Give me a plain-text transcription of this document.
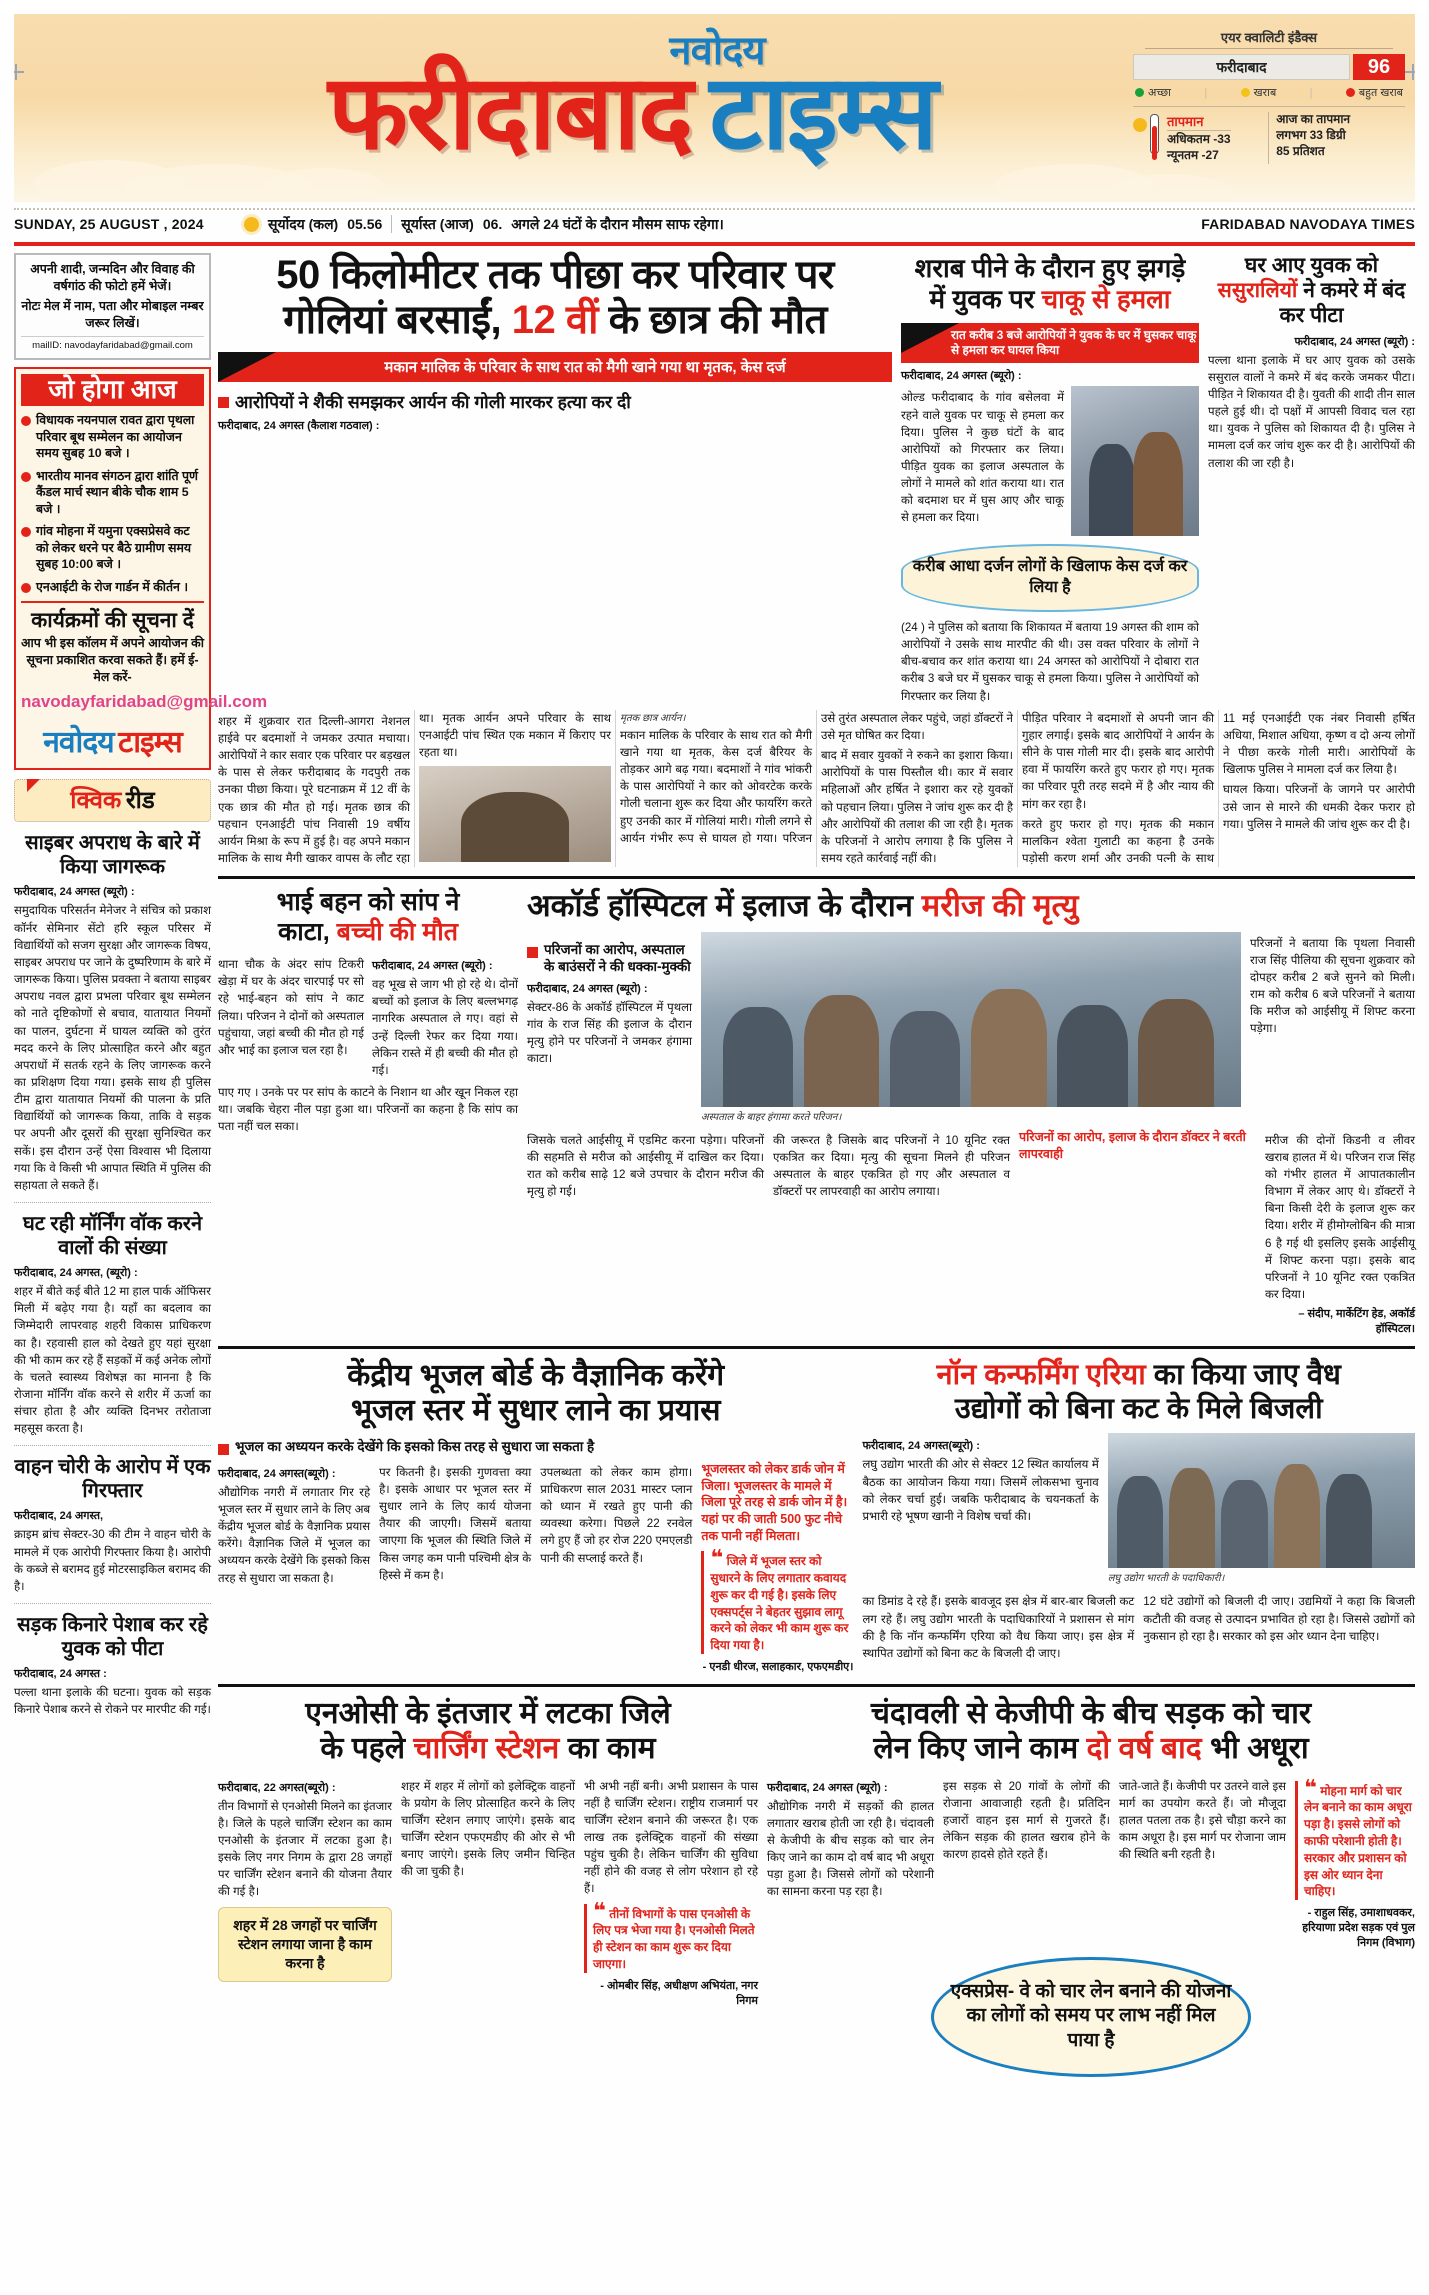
नवोदय
फरीदाबाद टाइम्स
एयर क्वालिटी इंडैक्स
फरीदाबाद	96
अच्छा	|	खराब	|	बहुत खराब
तापमान
अधिकतम -33
न्यूनतम -27
आज का तापमान
लगभग 33 डिग्री
85 प्रतिशत
SUNDAY, 25 AUGUST , 2024	सूर्योदय (कल) 05.56 सूर्यास्त (आज) 06. अगले 24 घंटों के दौरान मौसम साफ रहेगा।	FARIDABAD NAVODAYA TIMES
अपनी शादी, जन्मदिन और विवाह की वर्षगांठ की फोटो हमें भेजें।
नोटः मेल में नाम, पता और मोबाइल नम्बर जरूर लिखें।
mailID: navodayfaridabad@gmail.com
जो होगा आज
विधायक नयनपाल रावत द्वारा पृथला परिवार बूथ सम्मेलन का आयोजन समय सुबह 10 बजे ।
भारतीय मानव संगठन द्वारा शांति पूर्ण कैंडल मार्च स्थान बीके चौक शाम 5 बजे ।
गांव मोहना में यमुना एक्सप्रेसवे कट को लेकर धरने पर बैठे ग्रामीण समय सुबह 10:00 बजे ।
एनआईटी के रोज गार्डन में कीर्तन ।
कार्यक्रमों की सूचना दें
आप भी इस कॉलम में अपने आयोजन की सूचना प्रकाशित करवा सकते हैं। हमें ई-मेल करें-
navodayfaridabad@gmail.com
नवोदय टाइम्स
क्विक रीड
साइबर अपराध के बारे में किया जागरूक
फरीदाबाद, 24 अगस्त (ब्यूरो) :
समुदायिक परिसर्तन मेनेजर ने संचित्र को प्रकाश कॉर्नर सेमिनार सेंटो हरि स्कूल परिसर में विद्यार्थियों को सजग सुरक्षा और जागरूक विषय, साइबर अपराध पर जाने के दुष्परिणाम के बारे में जागरूक किया। पुलिस प्रवक्ता ने बताया साइबर अपराध नवल द्वारा प्रभला परिवार बूथ सम्मेलन को नाते दृष्टिकोणों से बचाव, यातायात नियमों का पालन, दुर्घटना में घायल व्यक्ति को तुरंत मदद करने के लिए प्रोत्साहित करने और बहुत अपराधों में सतर्क रहने के लिए जागरूक करने का प्रशिक्षण दिया गया। इसके साथ ही पुलिस टीम द्वारा यातायात नियमों की पालना के प्रति विद्यार्थियों को जागरूक किया, ताकि वे सड़क पर अपनी और दूसरों की सुरक्षा सुनिश्चित कर सकें। इस दौरान उन्हें ऐसा विश्वास भी दिलाया गया कि वे किसी भी आपात स्थिति में पुलिस की सहायता ले सकते हैं।
घट रही मॉर्निंग वॉक करने वालों की संख्या
फरीदाबाद, 24 अगस्त, (ब्यूरो) :
शहर में बीते कई बीते 12 मा हाल पार्क ऑफिसर मिली में बढ़ेए गया है। यहाँ का बदलाव का जिम्मेदारी लापरवाह शहरी विकास प्राधिकरण का है। रहवासी हाल को देखते हुए यहां सुरक्षा की भी काम कर रहे हैं सड़कों में कई अनेक लोगों के चलते स्वास्थ्य विशेषज्ञ का मानना है कि रोजाना मॉर्निंग वॉक करने से शरीर में ऊर्जा का संचार होता है और व्यक्ति दिनभर तरोताजा महसूस करता है।
वाहन चोरी के आरोप में एक गिरफ्तार
फरीदाबाद, 24 अगस्त,
क्राइम ब्रांच सेक्टर-30 की टीम ने वाहन चोरी के मामले में एक आरोपी गिरफ्तार किया है। आरोपी के कब्जे से बरामद हुई मोटरसाइकिल बरामद की है।
सड़क किनारे पेशाब कर रहे युवक को पीटा
फरीदाबाद, 24 अगस्त :
पल्ला थाना इलाके की घटना। युवक को सड़क किनारे पेशाब करने से रोकने पर मारपीट की गई।
50 किलोमीटर तक पीछा कर परिवार पर
गोलियां बरसाईं, 12 वीं के छात्र की मौत
मकान मालिक के परिवार के साथ रात को मैगी खाने गया था मृतक, केस दर्ज
आरोपियों ने शैकी समझकर आर्यन की गोली मारकर हत्या कर दी
फरीदाबाद, 24 अगस्त (कैलाश गठवाल) :
शराब पीने के दौरान हुए झगड़े
में युवक पर चाकू से हमला
रात करीब 3 बजे आरोपियों ने युवक के घर में घुसकर चाकू से हमला कर घायल किया
फरीदाबाद, 24 अगस्त (ब्यूरो) :
ओल्ड फरीदाबाद के गांव बसेलवा में रहने वाले युवक पर चाकू से हमला कर दिया। पुलिस ने कुछ घंटों के बाद आरोपियों को गिरफ्तार कर लिया। पीड़ित युवक का इलाज अस्पताल के लोगों ने मामले को शांत कराया था। रात को बदमाश घर में घुस आए और चाकू से हमला कर दिया।
करीब आधा दर्जन लोगों के खिलाफ केस दर्ज कर लिया है
(24 ) ने पुलिस को बताया कि शिकायत में बताया 19 अगस्त की शाम को आरोपियों ने उसके साथ मारपीट की थी। उस वक्त परिवार के लोगों ने बीच-बचाव कर शांत कराया था। 24 अगस्त को आरोपियों ने दोबारा रात करीब 3 बजे घर में घुसकर चाकू से हमला किया। पुलिस ने आरोपियों को गिरफ्तार कर लिया है।
घर आए युवक को
ससुरालियों ने कमरे में बंद कर पीटा
फरीदाबाद, 24 अगस्त (ब्यूरो) :
पल्ला थाना इलाके में घर आए युवक को उसके ससुराल वालों ने कमरे में बंद करके जमकर पीटा। पीड़ित ने शिकायत दी है। युवती की शादी तीन साल पहले हुई थी। दो पक्षों में आपसी विवाद चल रहा था। युवक ने पुलिस को शिकायत दी है। पुलिस ने मामला दर्ज कर जांच शुरू कर दी है। आरोपियों की तलाश की जा रही है।
शहर में शुक्रवार रात दिल्ली-आगरा नेशनल हाईवे पर बदमाशों ने जमकर उत्पात मचाया। आरोपियों ने कार सवार एक परिवार पर बड़खल के पास से लेकर फरीदाबाद के गदपुरी तक उनका पीछा किया। पूरे घटनाक्रम में 12 वीं के एक छात्र की मौत हो गई। मृतक छात्र की पहचान एनआईटी पांच निवासी 19 वर्षीय आर्यन मिश्रा के रूप में हुई है। वह अपने मकान मालिक के साथ मैगी खाकर वापस के लौट रहा था। मृतक आर्यन अपने परिवार के साथ एनआईटी पांच स्थित एक मकान में किराए पर रहता था।
मृतक छात्र आर्यन।
मकान मालिक के परिवार के साथ रात को मैगी खाने गया था मृतक, केस दर्ज बैरियर के तोड़कर आगे बढ़ गया। बदमाशों ने गांव भांकरी के पास आरोपियों ने कार को ओवरटेक करके गोली चलाना शुरू कर दिया और फायरिंग करते हुए उनकी कार में गोलियां मारी। गोली लगने से आर्यन गंभीर रूप से घायल हो गया। परिजन उसे तुरंत अस्पताल लेकर पहुंचे, जहां डॉक्टरों ने उसे मृत घोषित कर दिया।
बाद में सवार युवकों ने रुकने का इशारा किया। आरोपियों के पास पिस्तौल थी। कार में सवार महिलाओं और हर्षित ने इशारा कर रहे युवकों को पहचान लिया। पुलिस ने जांच शुरू कर दी है और आरोपियों की तलाश की जा रही है। मृतक के परिजनों ने आरोप लगाया है कि पुलिस ने समय रहते कार्रवाई नहीं की।
पीड़ित परिवार ने बदमाशों से अपनी जान की गुहार लगाई। इसके बाद आरोपियों ने आर्यन के सीने के पास गोली मार दी। इसके बाद आरोपी हवा में फायरिंग करते हुए फरार हो गए। मृतक का परिवार पूरी तरह सदमे में है और न्याय की मांग कर रहा है।
करते हुए फरार हो गए। मृतक की मकान मालकिन श्वेता गुलाटी का कहना है उनके पड़ोसी करण शर्मा और उनकी पत्नी के साथ 11 मई एनआईटी एक नंबर निवासी हर्षित अधिया, मिशाल अधिया, कृष्ण व दो अन्य लोगों ने पीछा करके गोली मारी। आरोपियों के खिलाफ पुलिस ने मामला दर्ज कर लिया है।
घायल किया। परिजनों के जागने पर आरोपी उसे जान से मारने की धमकी देकर फरार हो गया। पुलिस ने मामले की जांच शुरू कर दी है।
भाई बहन को सांप ने
काटा, बच्ची की मौत
थाना चौक के अंदर सांप टिकरी खेड़ा में घर के अंदर चारपाई पर सो रहे भाई-बहन को सांप ने काट लिया। परिजन ने दोनों को अस्पताल पहुंचाया, जहां बच्ची की मौत हो गई और भाई का इलाज चल रहा है।
फरीदाबाद, 24 अगस्त (ब्यूरो) :
वह भूख से जाग भी हो रहे थे। दोनों बच्चों को इलाज के लिए बल्लभगढ़ नागरिक अस्पताल ले गए। वहां से उन्हें दिल्ली रेफर कर दिया गया। लेकिन रास्ते में ही बच्ची की मौत हो गई।
पाए गए । उनके पर पर सांप के काटने के निशान था और खून निकल रहा था। जबकि चेहरा नील पड़ा हुआ था। परिजनों का कहना है कि सांप का पता नहीं चल सका।
अकॉर्ड हॉस्पिटल में इलाज के दौरान मरीज की मृत्यु
परिजनों का आरोप, अस्पताल के बाउंसरों ने की धक्का-मुक्की
फरीदाबाद, 24 अगस्त (ब्यूरो) :
सेक्टर-86 के अकॉर्ड हॉस्पिटल में पृथला गांव के राज सिंह की इलाज के दौरान मृत्यु होने पर परिजनों ने जमकर हंगामा काटा।
अस्पताल के बाहर हंगामा करते परिजन।
परिजनों ने बताया कि पृथला निवासी राज सिंह पीलिया की सूचना शुक्रवार को दोपहर करीब 2 बजे सुनने को मिली। राम को करीब 6 बजे परिजनों ने बताया कि मरीज को आईसीयू में शिफ्ट करना पड़ेगा।
जिसके चलते आईसीयू में एडमिट करना पड़ेगा। परिजनों की सहमति से मरीज को आईसीयू में दाखिल कर दिया। रात को करीब साढ़े 12 बजे उपचार के दौरान मरीज की मृत्यु हो गई।
की जरूरत है जिसके बाद परिजनों ने 10 यूनिट रक्त एकत्रित कर दिया। मृत्यु की सूचना मिलने ही परिजन अस्पताल के बाहर एकत्रित हो गए और अस्पताल व डॉक्टरों पर लापरवाही का आरोप लगाया।
परिजनों का आरोप, इलाज के दौरान डॉक्टर ने बरती लापरवाही
मरीज की दोनों किडनी व लीवर खराब हालत में थे। परिजन राज सिंह को गंभीर हालत में आपातकालीन विभाग में लेकर आए थे। डॉक्टरों ने बिना किसी देरी के इलाज शुरू कर दिया। शरीर में हीमोग्लोबिन की मात्रा 6 है गई थी इसलिए इसके आईसीयू में शिफ्ट करना पड़ा। इसके बाद परिजनों ने 10 यूनिट रक्त एकत्रित कर दिया।
– संदीप, मार्केटिंग हेड, अकॉर्ड हॉस्पिटल।
केंद्रीय भूजल बोर्ड के वैज्ञानिक करेंगे
भूजल स्तर में सुधार लाने का प्रयास
भूजल का अध्ययन करके देखेंगे कि इसको किस तरह से सुधारा जा सकता है
फरीदाबाद, 24 अगस्त(ब्यूरो) :
औद्योगिक नगरी में लगातार गिर रहे भूजल स्तर में सुधार लाने के लिए अब केंद्रीय भूजल बोर्ड के वैज्ञानिक प्रयास करेंगे। वैज्ञानिक जिले में भूजल का अध्ययन करके देखेंगे कि इसको किस तरह से सुधारा जा सकता है।
पर कितनी है। इसकी गुणवत्ता क्या है। इसके आधार पर भूजल स्तर में सुधार लाने के लिए कार्य योजना तैयार की जाएगी। जिसमें बताया जाएगा कि भूजल की स्थिति जिले में किस जगह कम पानी पश्चिमी क्षेत्र के हिस्से में कम है।
उपलब्धता को लेकर काम होगा। प्राधिकरण साल 2031 मास्टर प्लान को ध्यान में रखते हुए पानी की व्यवस्था करेगा। पिछले 22 रनवेल लगे हुए हैं जो हर रोज 220 एमएलडी पानी की सप्लाई करते हैं।
भूजलस्तर को लेकर डार्क जोन में जिला। भूजलस्तर के मामले में जिला पूरे तरह से डार्क जोन में है। यहां पर की जाती 500 फुट नीचे तक पानी नहीं मिलता।
❝ जिले में भूजल स्तर को सुधारने के लिए लगातार कवायद शुरू कर दी गई है। इसके लिए एक्सपर्ट्स ने बेहतर सुझाव लागू करने को लेकर भी काम शुरू कर दिया गया है।
- एनडी धीरज, सलाहकार, एफएमडीए।
नॉन कन्फर्मिंग एरिया का किया जाए वैध
उद्योगों को बिना कट के मिले बिजली
फरीदाबाद, 24 अगस्त(ब्यूरो) :
लघु उद्योग भारती की ओर से सेक्टर 12 स्थित कार्यालय में बैठक का आयोजन किया गया। जिसमें लोकसभा चुनाव को लेकर चर्चा हुई। जबकि फरीदाबाद के चयनकर्ता के प्रभारी रहे भूषण खानी ने विशेष चर्चा की।
लघु उद्योग भारती के पदाधिकारी।
का डिमांड दे रहे हैं। इसके बावजूद इस क्षेत्र में बार-बार बिजली कट लग रहे हैं। लघु उद्योग भारती के पदाधिकारियों ने प्रशासन से मांग की है कि नॉन कन्फर्मिंग एरिया को वैध किया जाए। इस क्षेत्र में स्थापित उद्योगों को बिना कट के बिजली दी जाए।
12 घंटे उद्योगों को बिजली दी जाए। उद्यमियों ने कहा कि बिजली कटौती की वजह से उत्पादन प्रभावित हो रहा है। जिससे उद्योगों को नुकसान हो रहा है। सरकार को इस ओर ध्यान देना चाहिए।
एनओसी के इंतजार में लटका जिले
के पहले चार्जिंग स्टेशन का काम
फरीदाबाद, 22 अगस्त(ब्यूरो) :
तीन विभागों से एनओसी मिलने का इंतजार है। जिले के पहले चार्जिंग स्टेशन का काम एनओसी के इंतजार में लटका हुआ है। इसके लिए नगर निगम के द्वारा 28 जगहों पर चार्जिंग स्टेशन बनाने की योजना तैयार की गई है।
शहर में 28 जगहों पर चार्जिंग स्टेशन लगाया जाना है काम करना है
शहर में शहर में लोगों को इलेक्ट्रिक वाहनों के प्रयोग के लिए प्रोत्साहित करने के लिए चार्जिंग स्टेशन लगाए जाएंगे। इसके बाद चार्जिंग स्टेशन एफएमडीए की ओर से भी बनाए जाएंगे। इसके लिए जमीन चिन्हित की जा चुकी है।
भी अभी नहीं बनी। अभी प्रशासन के पास नहीं है चार्जिंग स्टेशन। राष्ट्रीय राजमार्ग पर चार्जिंग स्टेशन बनाने की जरूरत है। एक लाख तक इलेक्ट्रिक वाहनों की संख्या पहुंच चुकी है। लेकिन चार्जिंग की सुविधा नहीं होने की वजह से लोग परेशान हो रहे हैं।
❝ तीनों विभागों के पास एनओसी के लिए पत्र भेजा गया है। एनओसी मिलते ही स्टेशन का काम शुरू कर दिया जाएगा।
- ओमबीर सिंह, अधीक्षण अभियंता, नगर निगम
चंदावली से केजीपी के बीच सड़क को चार
लेन किए जाने काम दो वर्ष बाद भी अधूरा
फरीदाबाद, 24 अगस्त (ब्यूरो) :
औद्योगिक नगरी में सड़कों की हालत लगातार खराब होती जा रही है। चंदावली से केजीपी के बीच सड़क को चार लेन किए जाने का काम दो वर्ष बाद भी अधूरा पड़ा हुआ है। जिससे लोगों को परेशानी का सामना करना पड़ रहा है।
इस सड़क से 20 गांवों के लोगों की रोजाना आवाजाही रहती है। प्रतिदिन हजारों वाहन इस मार्ग से गुजरते हैं। लेकिन सड़क की हालत खराब होने के कारण हादसे होते रहते हैं।
जाते-जाते हैं। केजीपी पर उतरने वाले इस मार्ग का उपयोग करते हैं। जो मौजूदा हालत पतला तक है। इसे चौड़ा करने का काम अधूरा है। इस मार्ग पर रोजाना जाम की स्थिति बनी रहती है।
❝ मोहना मार्ग को चार लेन बनाने का काम अधूरा पड़ा है। इससे लोगों को काफी परेशानी होती है। सरकार और प्रशासन को इस ओर ध्यान देना चाहिए।
- राहुल सिंह, उमाशाधवकर, हरियाणा प्रदेश सड़क एवं पुल निगम (विभाग)
एक्सप्रेस- वे को चार लेन बनाने की योजना का लोगों को समय पर लाभ नहीं मिल पाया है
